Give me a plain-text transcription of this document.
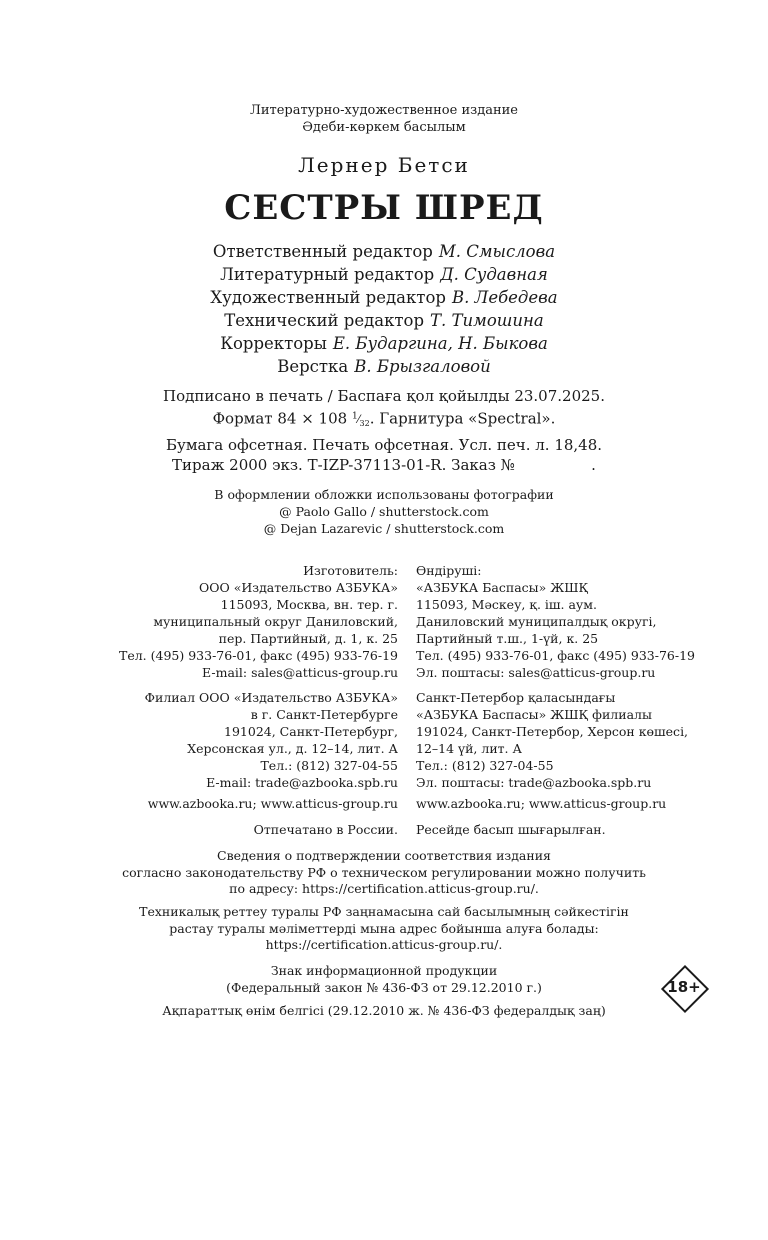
Литературно-художественное издание

Әдеби-көркем басылым

Лернер Бетси
СЕСТРЫ ШРЕД

Ответственный редактор М. Смыслова

Литературный редактор Д. Судавная

Художественный редактор В. Лебедева

Технический редактор Т. Тимошина

Корректоры Е. Бударгина, Н. Быкова

Верстка В. Брызгаловой

Подписано в печать / Баспаға қол қойылды 23.07.2025.

Формат 84 × 108 $^1⁄_{32}$. Гарнитура «Spectral».

Бумага офсетная. Печать офсетная. Усл. печ. л. 18,48.

Тираж 2000 экз. Т-IZP-37113-01-R. Заказ №                .

В оформлении обложки использованы фотографии

@ Paolo Gallo / shutterstock.com

@ Dejan Lazarevic / shutterstock.com

Изготовитель:

ООО «Издательство АЗБУКА»

115093, Москва, вн. тер. г.

муниципальный округ Даниловский,

пер. Партийный, д. 1, к. 25

Тел. (495) 933-76-01, факс (495) 933-76-19

E-mail: sales@atticus-group.ru

Өндіруші:

«АЗБУКА Баспасы» ЖШҚ

115093, Мәскеу, қ. іш. аум.

Даниловский муниципалдық округі,

Партийный т.ш., 1-үй, к. 25

Тел. (495) 933-76-01, факс (495) 933-76-19

Эл. поштасы: sales@atticus-group.ru

Филиал ООО «Издательство АЗБУКА»

в г. Санкт-Петербурге

191024, Санкт-Петербург,

Херсонская ул., д. 12–14, лит. А

Тел.: (812) 327-04-55

E-mail: trade@azbooka.spb.ru

Санкт-Петербор қаласындағы

«АЗБУКА Баспасы» ЖШҚ филиалы

191024, Санкт-Петербор, Херсон көшесі,

12–14 үй, лит. А

Тел.: (812) 327-04-55

Эл. поштасы: trade@azbooka.spb.ru

www.azbooka.ru; www.atticus-group.ru www.azbooka.ru; www.atticus-group.ru
Отпечатано в России. Ресейде басып шығарылған.

Сведения о подтверждении соответствия издания

согласно законодательству РФ о техническом регулировании можно получить

по адресу: https://certification.atticus-group.ru/.

Техникалық реттеу туралы РФ заңнамасына сай басылымның сәйкестігін

растау туралы мәліметтерді мына адрес бойынша алуға болады:

https://certification.atticus-group.ru/.

Знак информационной продукции

(Федеральный закон № 436-ФЗ от 29.12.2010 г.)

Ақпараттық өнім белгісі (29.12.2010 ж. № 436-ФЗ федералдық заң)
18+
